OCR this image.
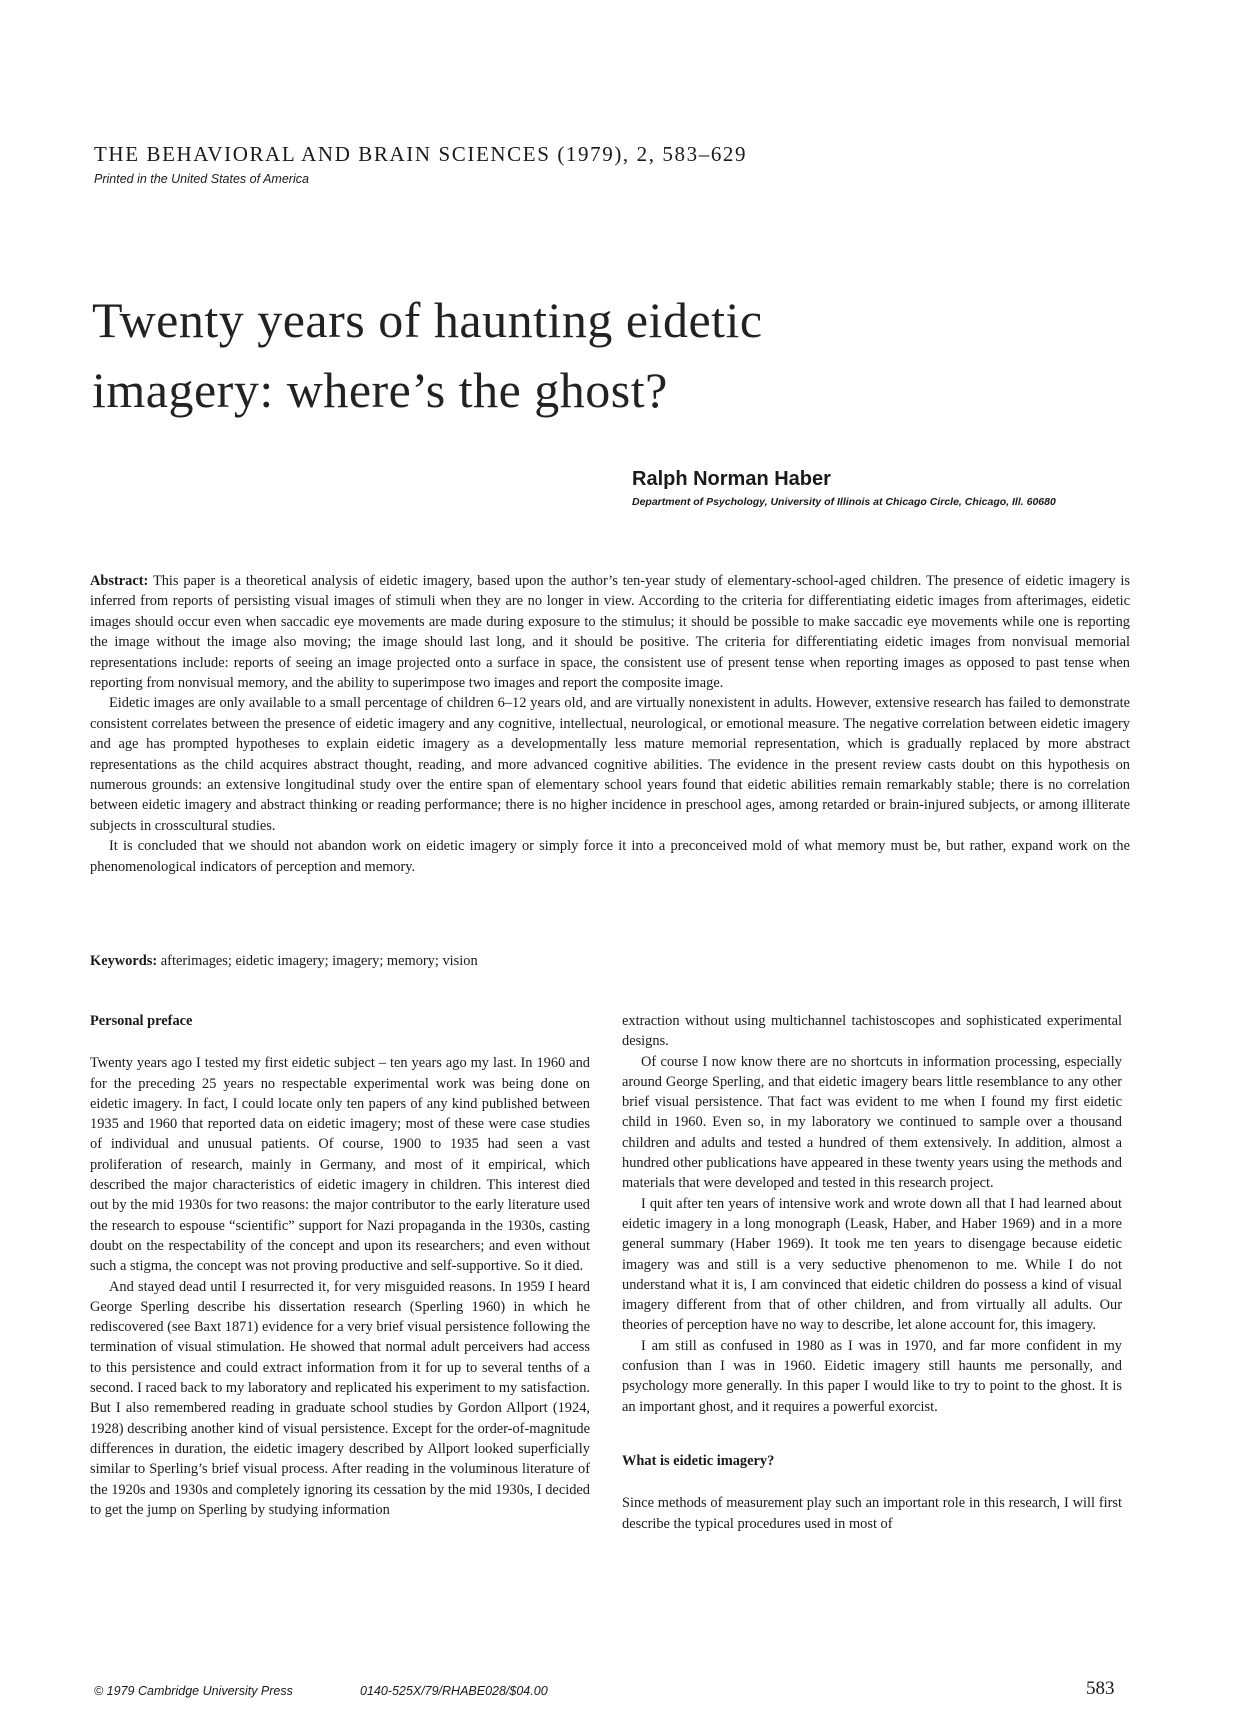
THE BEHAVIORAL AND BRAIN SCIENCES (1979), 2, 583–629
Printed in the United States of America
Twenty years of haunting eidetic
imagery: where’s the ghost?
Ralph Norman Haber
Department of Psychology, University of Illinois at Chicago Circle, Chicago, Ill. 60680

Abstract: This paper is a theoretical analysis of eidetic imagery, based upon the author’s ten-year study of elementary-school-aged children. The presence of eidetic imagery is inferred from reports of persisting visual images of stimuli when they are no longer in view. According to the criteria for differentiating eidetic images from afterimages, eidetic images should occur even when saccadic eye movements are made during exposure to the stimulus; it should be possible to make saccadic eye movements while one is reporting the image without the image also moving; the image should last long, and it should be positive. The criteria for differentiating eidetic images from nonvisual memorial representations include: reports of seeing an image projected onto a surface in space, the consistent use of present tense when reporting images as opposed to past tense when reporting from nonvisual memory, and the ability to superimpose two images and report the composite image.

Eidetic images are only available to a small percentage of children 6–12 years old, and are virtually nonexistent in adults. However, extensive research has failed to demonstrate consistent correlates between the presence of eidetic imagery and any cognitive, intellectual, neurological, or emotional measure. The negative correlation between eidetic imagery and age has prompted hypotheses to explain eidetic imagery as a developmentally less mature memorial representation, which is gradually replaced by more abstract representations as the child acquires abstract thought, reading, and more advanced cognitive abilities. The evidence in the present review casts doubt on this hypothesis on numerous grounds: an extensive longitudinal study over the entire span of elementary school years found that eidetic abilities remain remarkably stable; there is no correlation between eidetic imagery and abstract thinking or reading performance; there is no higher incidence in preschool ages, among retarded or brain-injured subjects, or among illiterate subjects in crosscultural studies.

It is concluded that we should not abandon work on eidetic imagery or simply force it into a preconceived mold of what memory must be, but rather, expand work on the phenomenological indicators of perception and memory.

Keywords: afterimages; eidetic imagery; imagery; memory; vision

Personal preface

Twenty years ago I tested my first eidetic subject – ten years ago my last. In 1960 and for the preceding 25 years no respectable experimental work was being done on eidetic imagery. In fact, I could locate only ten papers of any kind published between 1935 and 1960 that reported data on eidetic imagery; most of these were case studies of individual and unusual patients. Of course, 1900 to 1935 had seen a vast proliferation of research, mainly in Germany, and most of it empirical, which described the major characteristics of eidetic imagery in children. This interest died out by the mid 1930s for two reasons: the major contributor to the early literature used the research to espouse “scientific” support for Nazi propaganda in the 1930s, casting doubt on the respectability of the concept and upon its researchers; and even without such a stigma, the concept was not proving productive and self-supportive. So it died.

And stayed dead until I resurrected it, for very misguided reasons. In 1959 I heard George Sperling describe his dissertation research (Sperling 1960) in which he rediscovered (see Baxt 1871) evidence for a very brief visual persistence following the termination of visual stimulation. He showed that normal adult perceivers had access to this persistence and could extract information from it for up to several tenths of a second. I raced back to my laboratory and replicated his experiment to my satisfaction. But I also remembered reading in graduate school studies by Gordon Allport (1924, 1928) describing another kind of visual persistence. Except for the order-of-magnitude differences in duration, the eidetic imagery described by Allport looked superficially similar to Sperling’s brief visual process. After reading in the voluminous literature of the 1920s and 1930s and completely ignoring its cessation by the mid 1930s, I decided to get the jump on Sperling by studying information

extraction without using multichannel tachistoscopes and sophisticated experimental designs.

Of course I now know there are no shortcuts in information processing, especially around George Sperling, and that eidetic imagery bears little resemblance to any other brief visual persistence. That fact was evident to me when I found my first eidetic child in 1960. Even so, in my laboratory we continued to sample over a thousand children and adults and tested a hundred of them extensively. In addition, almost a hundred other publications have appeared in these twenty years using the methods and materials that were developed and tested in this research project.

I quit after ten years of intensive work and wrote down all that I had learned about eidetic imagery in a long monograph (Leask, Haber, and Haber 1969) and in a more general summary (Haber 1969). It took me ten years to disengage because eidetic imagery was and still is a very seductive phenomenon to me. While I do not understand what it is, I am convinced that eidetic children do possess a kind of visual imagery different from that of other children, and from virtually all adults. Our theories of perception have no way to describe, let alone account for, this imagery.

I am still as confused in 1980 as I was in 1970, and far more confident in my confusion than I was in 1960. Eidetic imagery still haunts me personally, and psychology more generally. In this paper I would like to try to point to the ghost. It is an important ghost, and it requires a powerful exorcist.

What is eidetic imagery?

Since methods of measurement play such an important role in this research, I will first describe the typical procedures used in most of

© 1979 Cambridge University Press	0140-525X/79/RHABE028/$04.00	583
